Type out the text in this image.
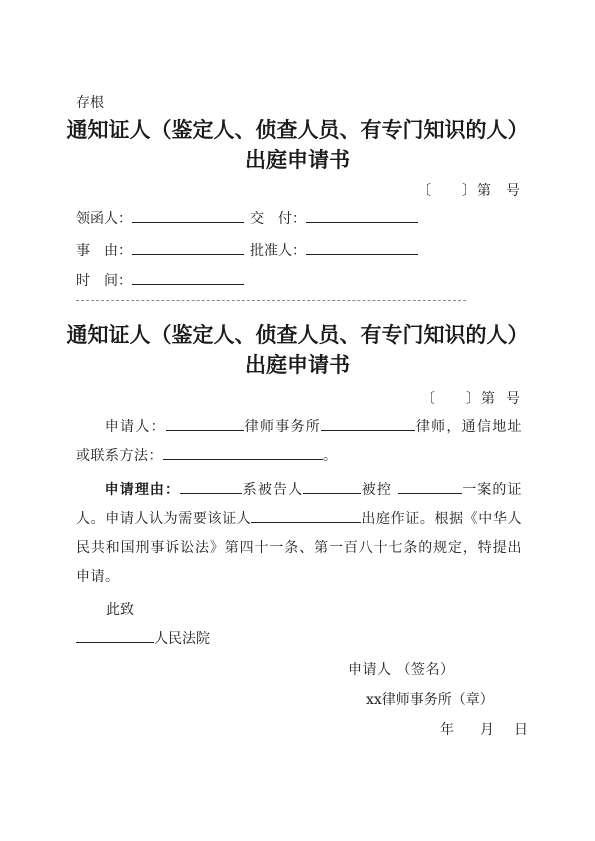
存根
通知证人（鉴定人、侦查人员、有专门知识的人）出庭申请书
〔 〕第 号
领函人：	交　付：
事　由：	批准人：
时　间：
通知证人（鉴定人、侦查人员、有专门知识的人）出庭申请书
〔 〕第 号
申请人：	律师事务所	律师，通信地址或联系方法：	。
申请理由：	系被告人	被控	一案的证人。申请人认为需要该证人	出庭作证。根据《中华人民共和国刑事诉讼法》第四十一条、第一百八十七条的规定，特提出申请。
此致
人民法院
申请人 （签名）
xx律师事务所（章）
年 月 日
